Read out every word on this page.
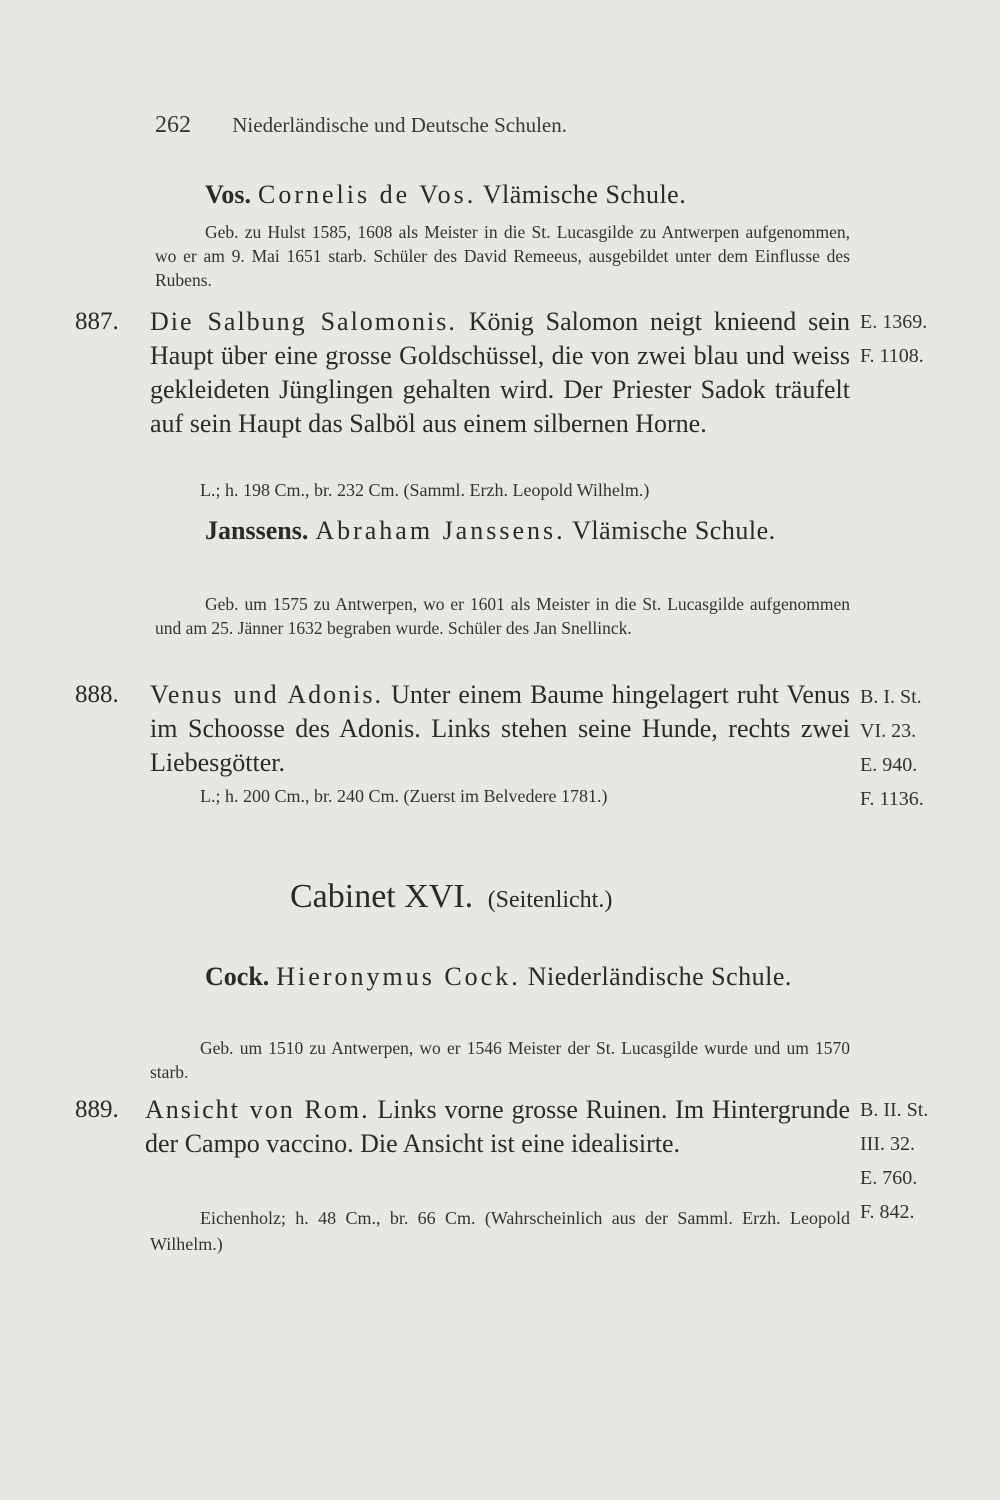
262 Niederländische und Deutsche Schulen.
Vos. Cornelis de Vos. Vlämische Schule.
Geb. zu Hulst 1585, 1608 als Meister in die St. Lucasgilde zu Antwerpen aufgenommen, wo er am 9. Mai 1651 starb. Schüler des David Remeeus, ausgebildet unter dem Einflusse des Rubens.
887. Die Salbung Salomonis. König Salomon neigt knieend sein Haupt über eine grosse Goldschüssel, die von zwei blau und weiss gekleideten Jünglingen gehalten wird. Der Priester Sadok träufelt auf sein Haupt das Salböl aus einem silbernen Horne.
L.; h. 198 Cm., br. 232 Cm. (Samml. Erzh. Leopold Wilhelm.)
E. 1369.
F. 1108.
Janssens. Abraham Janssens. Vlämische Schule.
Geb. um 1575 zu Antwerpen, wo er 1601 als Meister in die St. Lucasgilde aufgenommen und am 25. Jänner 1632 begraben wurde. Schüler des Jan Snellinck.
888. Venus und Adonis. Unter einem Baume hingelagert ruht Venus im Schoosse des Adonis. Links stehen seine Hunde, rechts zwei Liebesgötter.
L.; h. 200 Cm., br. 240 Cm. (Zuerst im Belvedere 1781.)
B. I. St.
VI. 23.
E. 940.
F. 1136.
Cabinet XVI. (Seitenlicht.)
Cock. Hieronymus Cock. Niederländische Schule.
Geb. um 1510 zu Antwerpen, wo er 1546 Meister der St. Lucasgilde wurde und um 1570 starb.
889. Ansicht von Rom. Links vorne grosse Ruinen. Im Hintergrunde der Campo vaccino. Die Ansicht ist eine idealisirte.
Eichenholz; h. 48 Cm., br. 66 Cm. (Wahrscheinlich aus der Samml. Erzh. Leopold Wilhelm.)
B. II. St.
III. 32.
E. 760.
F. 842.
